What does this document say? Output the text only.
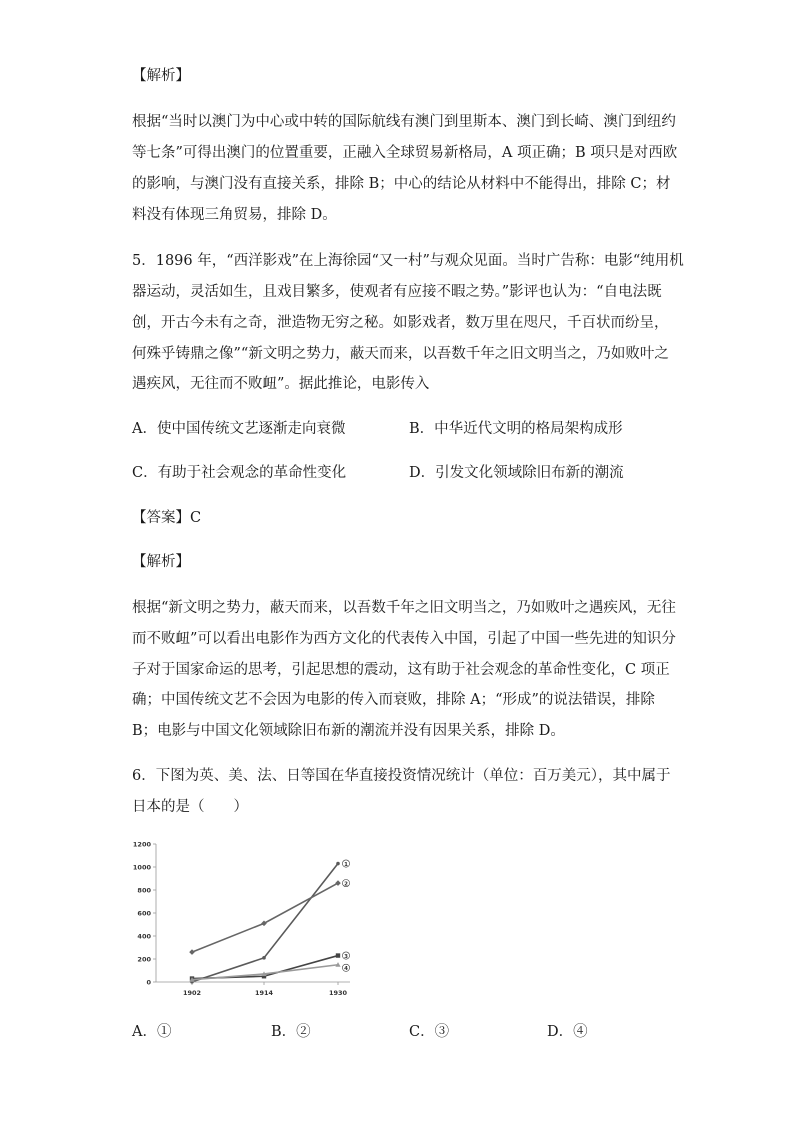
【解析】
根据“当时以澳门为中心或中转的国际航线有澳门到里斯本、澳门到长崎、澳门到纽约
等七条”可得出澳门的位置重要，正融入全球贸易新格局，A 项正确；B 项只是对西欧
的影响，与澳门没有直接关系，排除 B；中心的结论从材料中不能得出，排除 C；材
料没有体现三角贸易，排除 D。
5．1896 年，“西洋影戏”在上海徐园“又一村”与观众见面。当时广告称：电影“纯用机
器运动，灵活如生，且戏目繁多，使观者有应接不暇之势。”影评也认为：“自电法既
创，开古今未有之奇，泄造物无穷之秘。如影戏者，数万里在咫尺，千百状而纷呈，
何殊乎铸鼎之像”“新文明之势力，蔽天而来，以吾数千年之旧文明当之，乃如败叶之
遇疾风，无往而不败衄”。据此推论，电影传入
A．使中国传统文艺逐渐走向衰微	B．中华近代文明的格局架构成形
C．有助于社会观念的革命性变化	D．引发文化领域除旧布新的潮流
【答案】C
【解析】
根据“新文明之势力，蔽天而来，以吾数千年之旧文明当之，乃如败叶之遇疾风，无往
而不败衄”可以看出电影作为西方文化的代表传入中国，引起了中国一些先进的知识分
子对于国家命运的思考，引起思想的震动，这有助于社会观念的革命性变化，C 项正
确；中国传统文艺不会因为电影的传入而衰败，排除 A；“形成”的说法错误，排除
B；电影与中国文化领域除旧布新的潮流并没有因果关系，排除 D。
6．下图为英、美、法、日等国在华直接投资情况统计（单位：百万美元），其中属于
日本的是（　　）
0
200
400
600
800
1000
1200
1902	1914	1930
1
2
3
4
A．①	B．②	C．③	D．④
